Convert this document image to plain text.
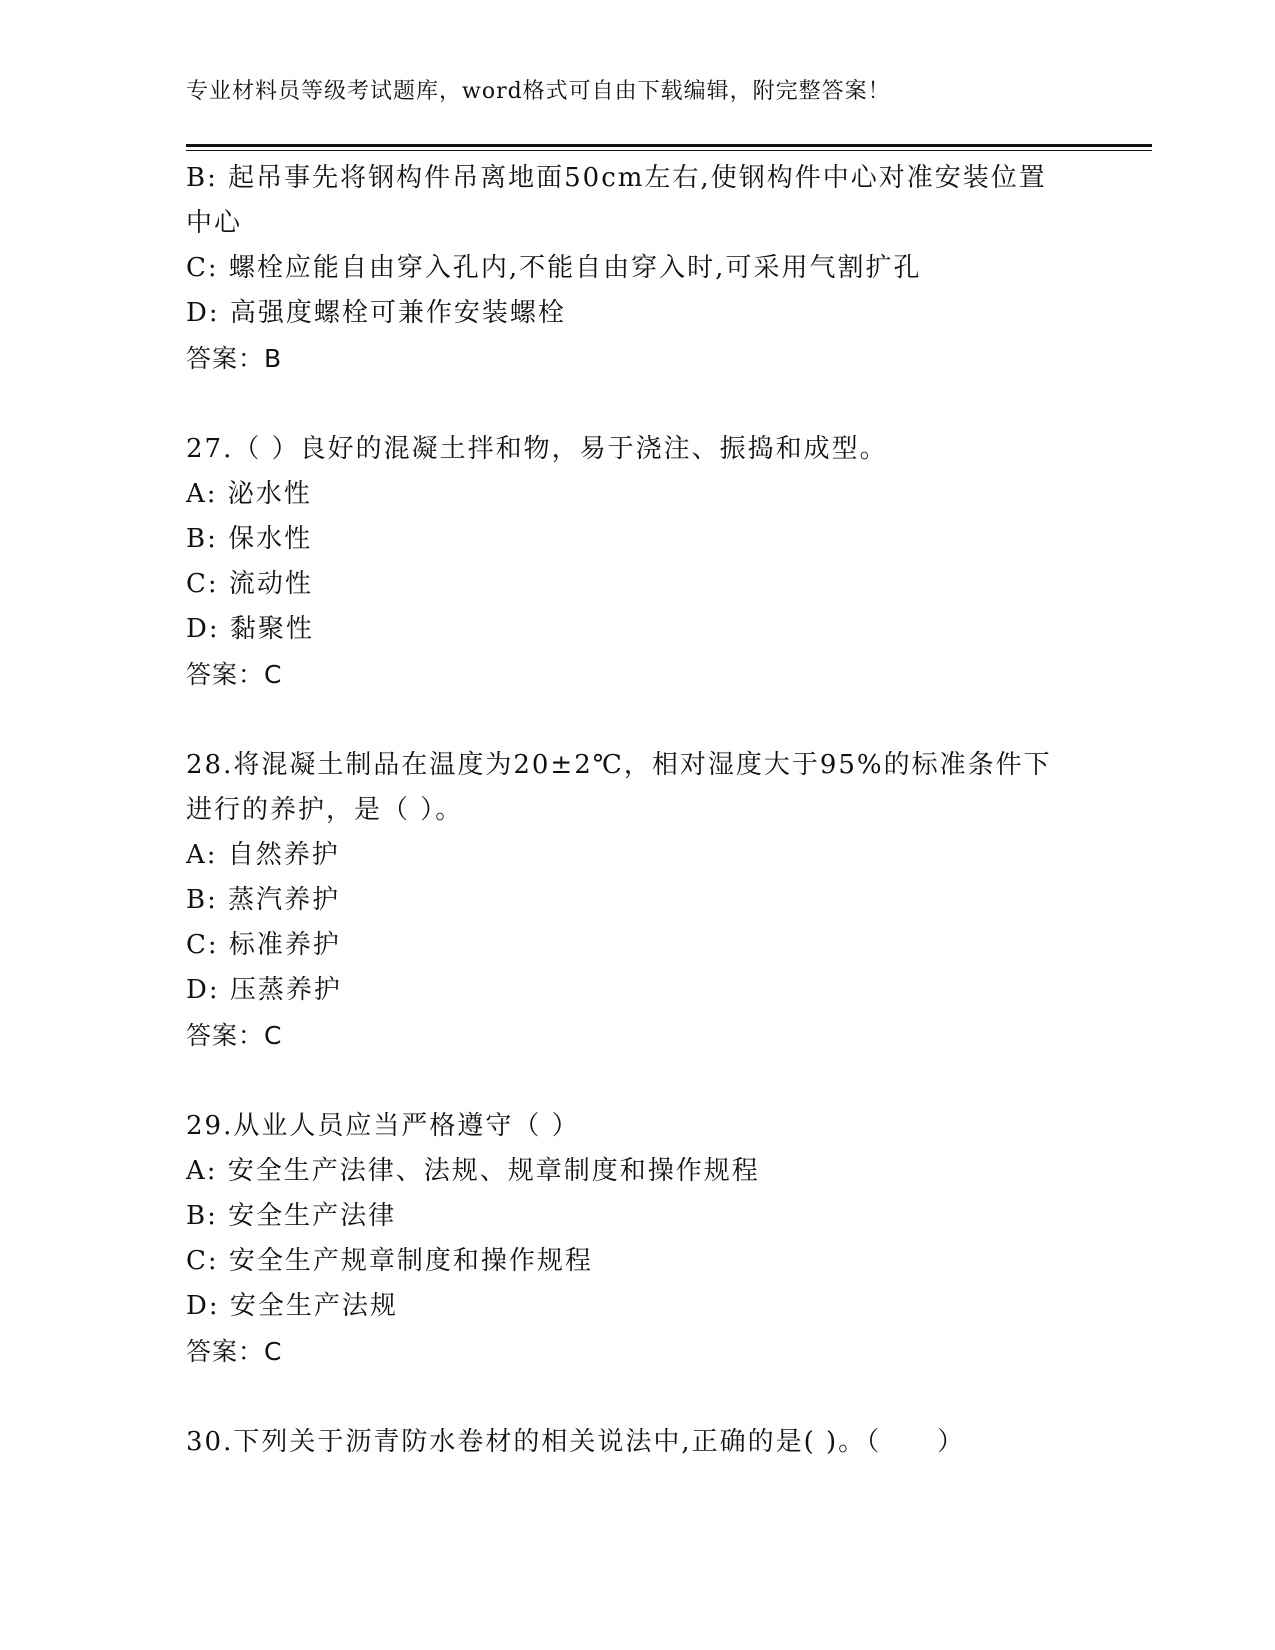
专业材料员等级考试题库，word格式可自由下载编辑，附完整答案！
B: 起吊事先将钢构件吊离地面50cm左右,使钢构件中心对准安装位置
中心
C: 螺栓应能自由穿入孔内,不能自由穿入时,可采用气割扩孔
D: 高强度螺栓可兼作安装螺栓
答案：B
27.（ ）良好的混凝土拌和物，易于浇注、振捣和成型。
A: 泌水性
B: 保水性
C: 流动性
D: 黏聚性
答案：C
28.将混凝土制品在温度为20±2℃，相对湿度大于95%的标准条件下
进行的养护，是（ ）。
A: 自然养护
B: 蒸汽养护
C: 标准养护
D: 压蒸养护
答案：C
29.从业人员应当严格遵守（ ）
A: 安全生产法律、法规、规章制度和操作规程
B: 安全生产法律
C: 安全生产规章制度和操作规程
D: 安全生产法规
答案：C
30.下列关于沥青防水卷材的相关说法中,正确的是( )。（　　）
